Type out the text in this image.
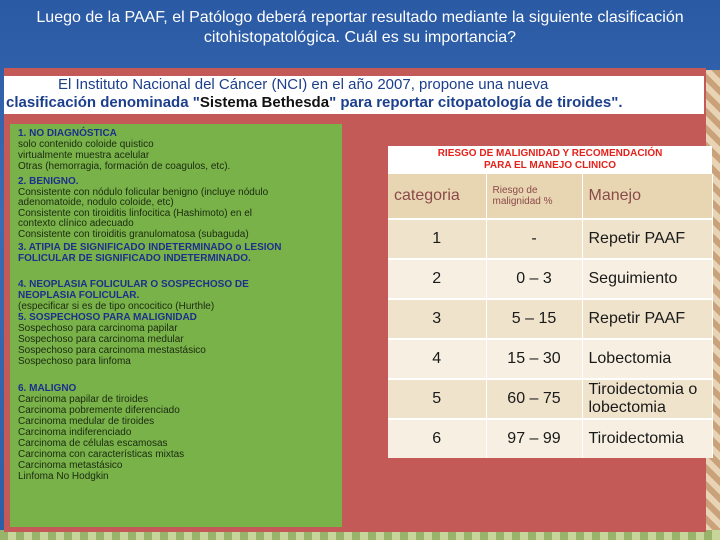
Luego de la PAAF, el Patólogo deberá reportar resultado mediante la siguiente clasificación citohistopatológica. Cuál es su importancia?
El Instituto Nacional del Cáncer (NCI) en el año 2007, propone una nueva
clasificación denominada "Sistema Bethesda" para reportar citopatología de tiroides".
1. NO DIAGNÓSTICA
solo contenido coloide quistico
virtualmente muestra acelular
Otras (hemorragia, formación de coagulos, etc).
2. BENIGNO.
Consistente con nódulo folicular benigno (incluye nódulo
adenomatoide, nodulo coloide, etc)
Consistente con tiroiditis linfocitica (Hashimoto) en el
contexto clínico adecuado
Consistente con tiroiditis granulomatosa (subaguda)
3. ATIPIA DE SIGNIFICADO INDETERMINADO o LESION
FOLICULAR DE SIGNIFICADO INDETERMINADO.
4. NEOPLASIA FOLICULAR O SOSPECHOSO DE
NEOPLASIA FOLICULAR.
(especificar si es de tipo oncocitico (Hurthle)
5. SOSPECHOSO PARA MALIGNIDAD
Sospechoso para carcinoma papilar
Sospechoso para carcinoma medular
Sospechoso para carcinoma mestastásico
Sospechoso para linfoma
6. MALIGNO
Carcinoma papilar de tiroides
Carcinoma pobremente diferenciado
Carcinoma medular de tiroides
Carcinoma indiferenciado
Carcinoma de células escamosas
Carcinoma con características mixtas
Carcinoma metastásico
Linfoma No Hodgkin
RIESGO DE MALIGNIDAD Y RECOMENDACIÓN
PARA EL MANEJO CLINICO		
categoria	Riesgo de malignidad %	Manejo
1	-	Repetir PAAF
2	0 – 3	Seguimiento
3	5 – 15	Repetir PAAF
4	15 – 30	Lobectomia
5	60 – 75	Tiroidectomia o lobectomia
6	97 – 99	Tiroidectomia
